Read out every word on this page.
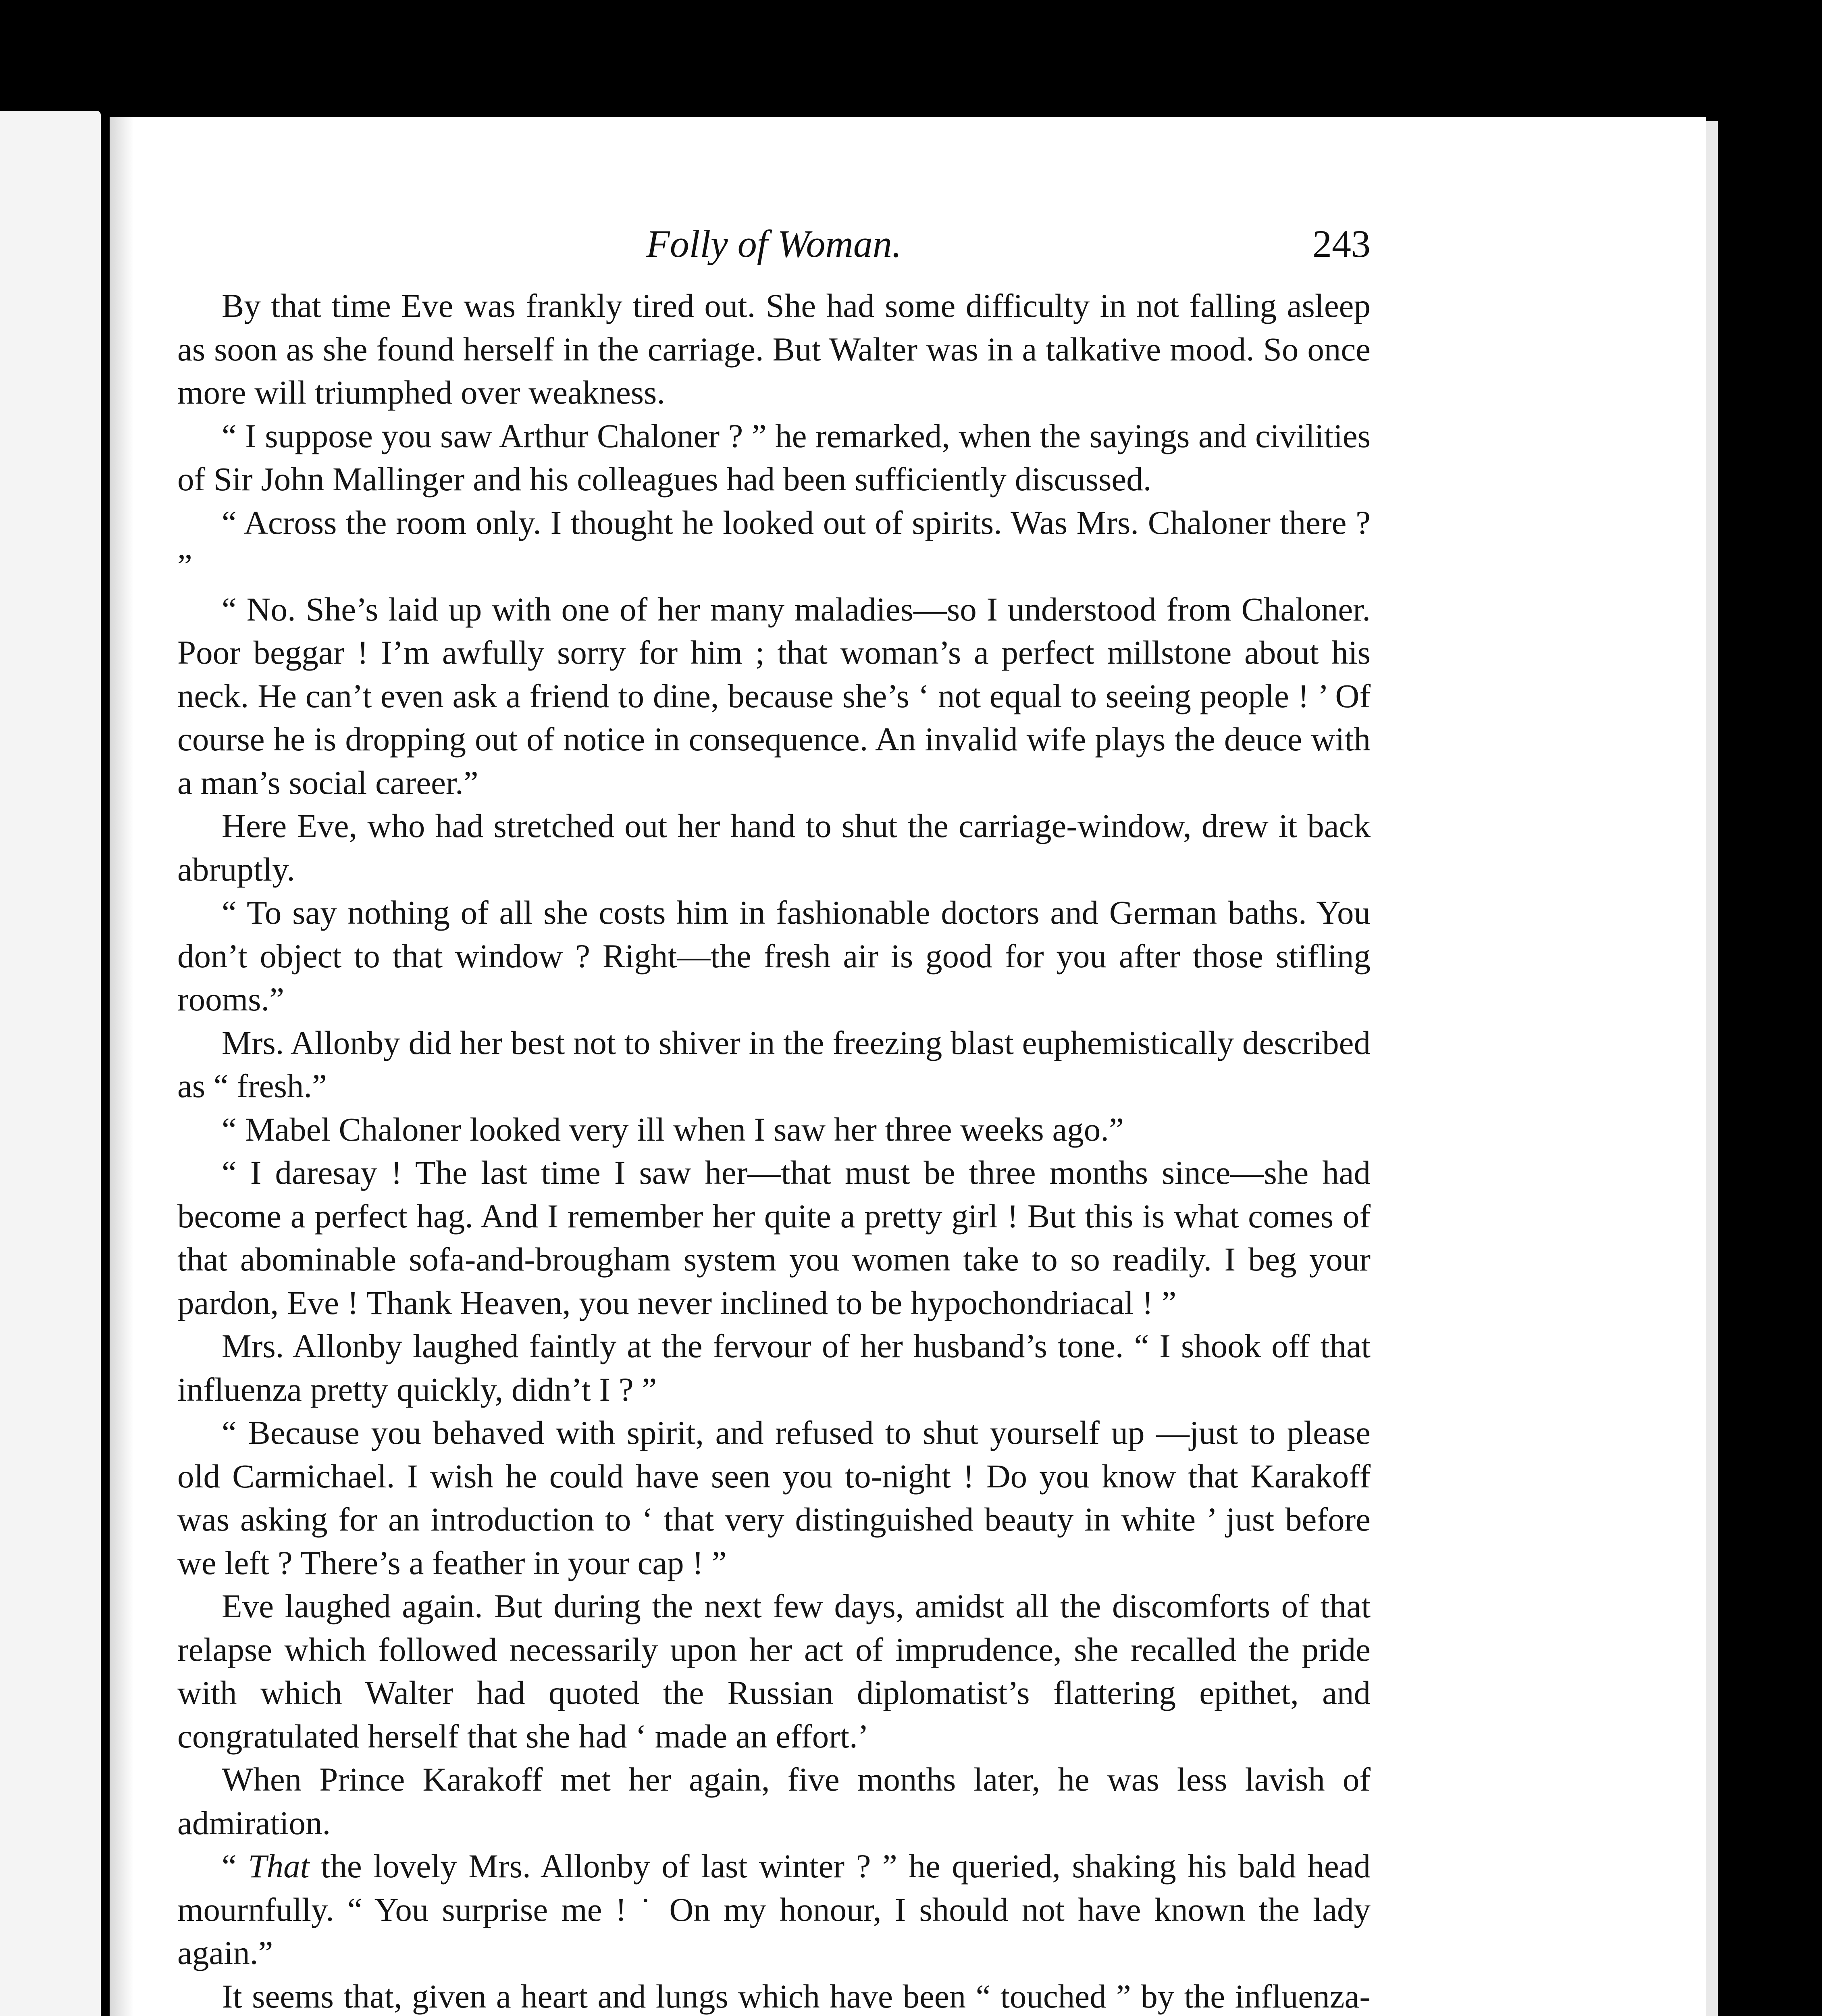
Folly of Woman.	243

By that time Eve was frankly tired out. She had some difficulty in not falling asleep as soon as she found herself in the carriage. But Walter was in a talkative mood. So once more will triumphed over weakness.

“ I suppose you saw Arthur Chaloner ? ” he remarked, when the sayings and civilities of Sir John Mallinger and his colleagues had been sufficiently discussed.

“ Across the room only. I thought he looked out of spirits. Was Mrs. Chaloner there ? ”

“ No. She’s laid up with one of her many maladies—so I understood from Chaloner. Poor beggar ! I’m awfully sorry for him ; that woman’s a perfect millstone about his neck. He can’t even ask a friend to dine, because she’s ‘ not equal to seeing people ! ’ Of course he is dropping out of notice in consequence. An invalid wife plays the deuce with a man’s social career.”

Here Eve, who had stretched out her hand to shut the carriage-window, drew it back abruptly.

“ To say nothing of all she costs him in fashionable doctors and German baths. You don’t object to that window ? Right—the fresh air is good for you after those stifling rooms.”

Mrs. Allonby did her best not to shiver in the freezing blast euphemistically described as “ fresh.”

“ Mabel Chaloner looked very ill when I saw her three weeks ago.”

“ I daresay ! The last time I saw her—that must be three months since—she had become a perfect hag. And I remember her quite a pretty girl ! But this is what comes of that abominable sofa-and-brougham system you women take to so readily. I beg your pardon, Eve ! Thank Heaven, you never inclined to be hypochondriacal ! ”

Mrs. Allonby laughed faintly at the fervour of her husband’s tone. “ I shook off that influenza pretty quickly, didn’t I ? ”

“ Because you behaved with spirit, and refused to shut yourself up —just to please old Carmichael. I wish he could have seen you to-night ! Do you know that Karakoff was asking for an introduction to ‘ that very distinguished beauty in white ’ just before we left ? There’s a feather in your cap ! ”

Eve laughed again. But during the next few days, amidst all the discomforts of that relapse which followed necessarily upon her act of imprudence, she recalled the pride with which Walter had quoted the Russian diplomatist’s flattering epithet, and congratulated herself that she had ‘ made an effort.’

When Prince Karakoff met her again, five months later, he was less lavish of admiration.

“ That the lovely Mrs. Allonby of last winter ? ” he queried, shaking his bald head mournfully. “ You surprise me ! ˙ On my honour, I should not have known the lady again.”

It seems that, given a heart and lungs which have been “ touched ” by the influenza-
